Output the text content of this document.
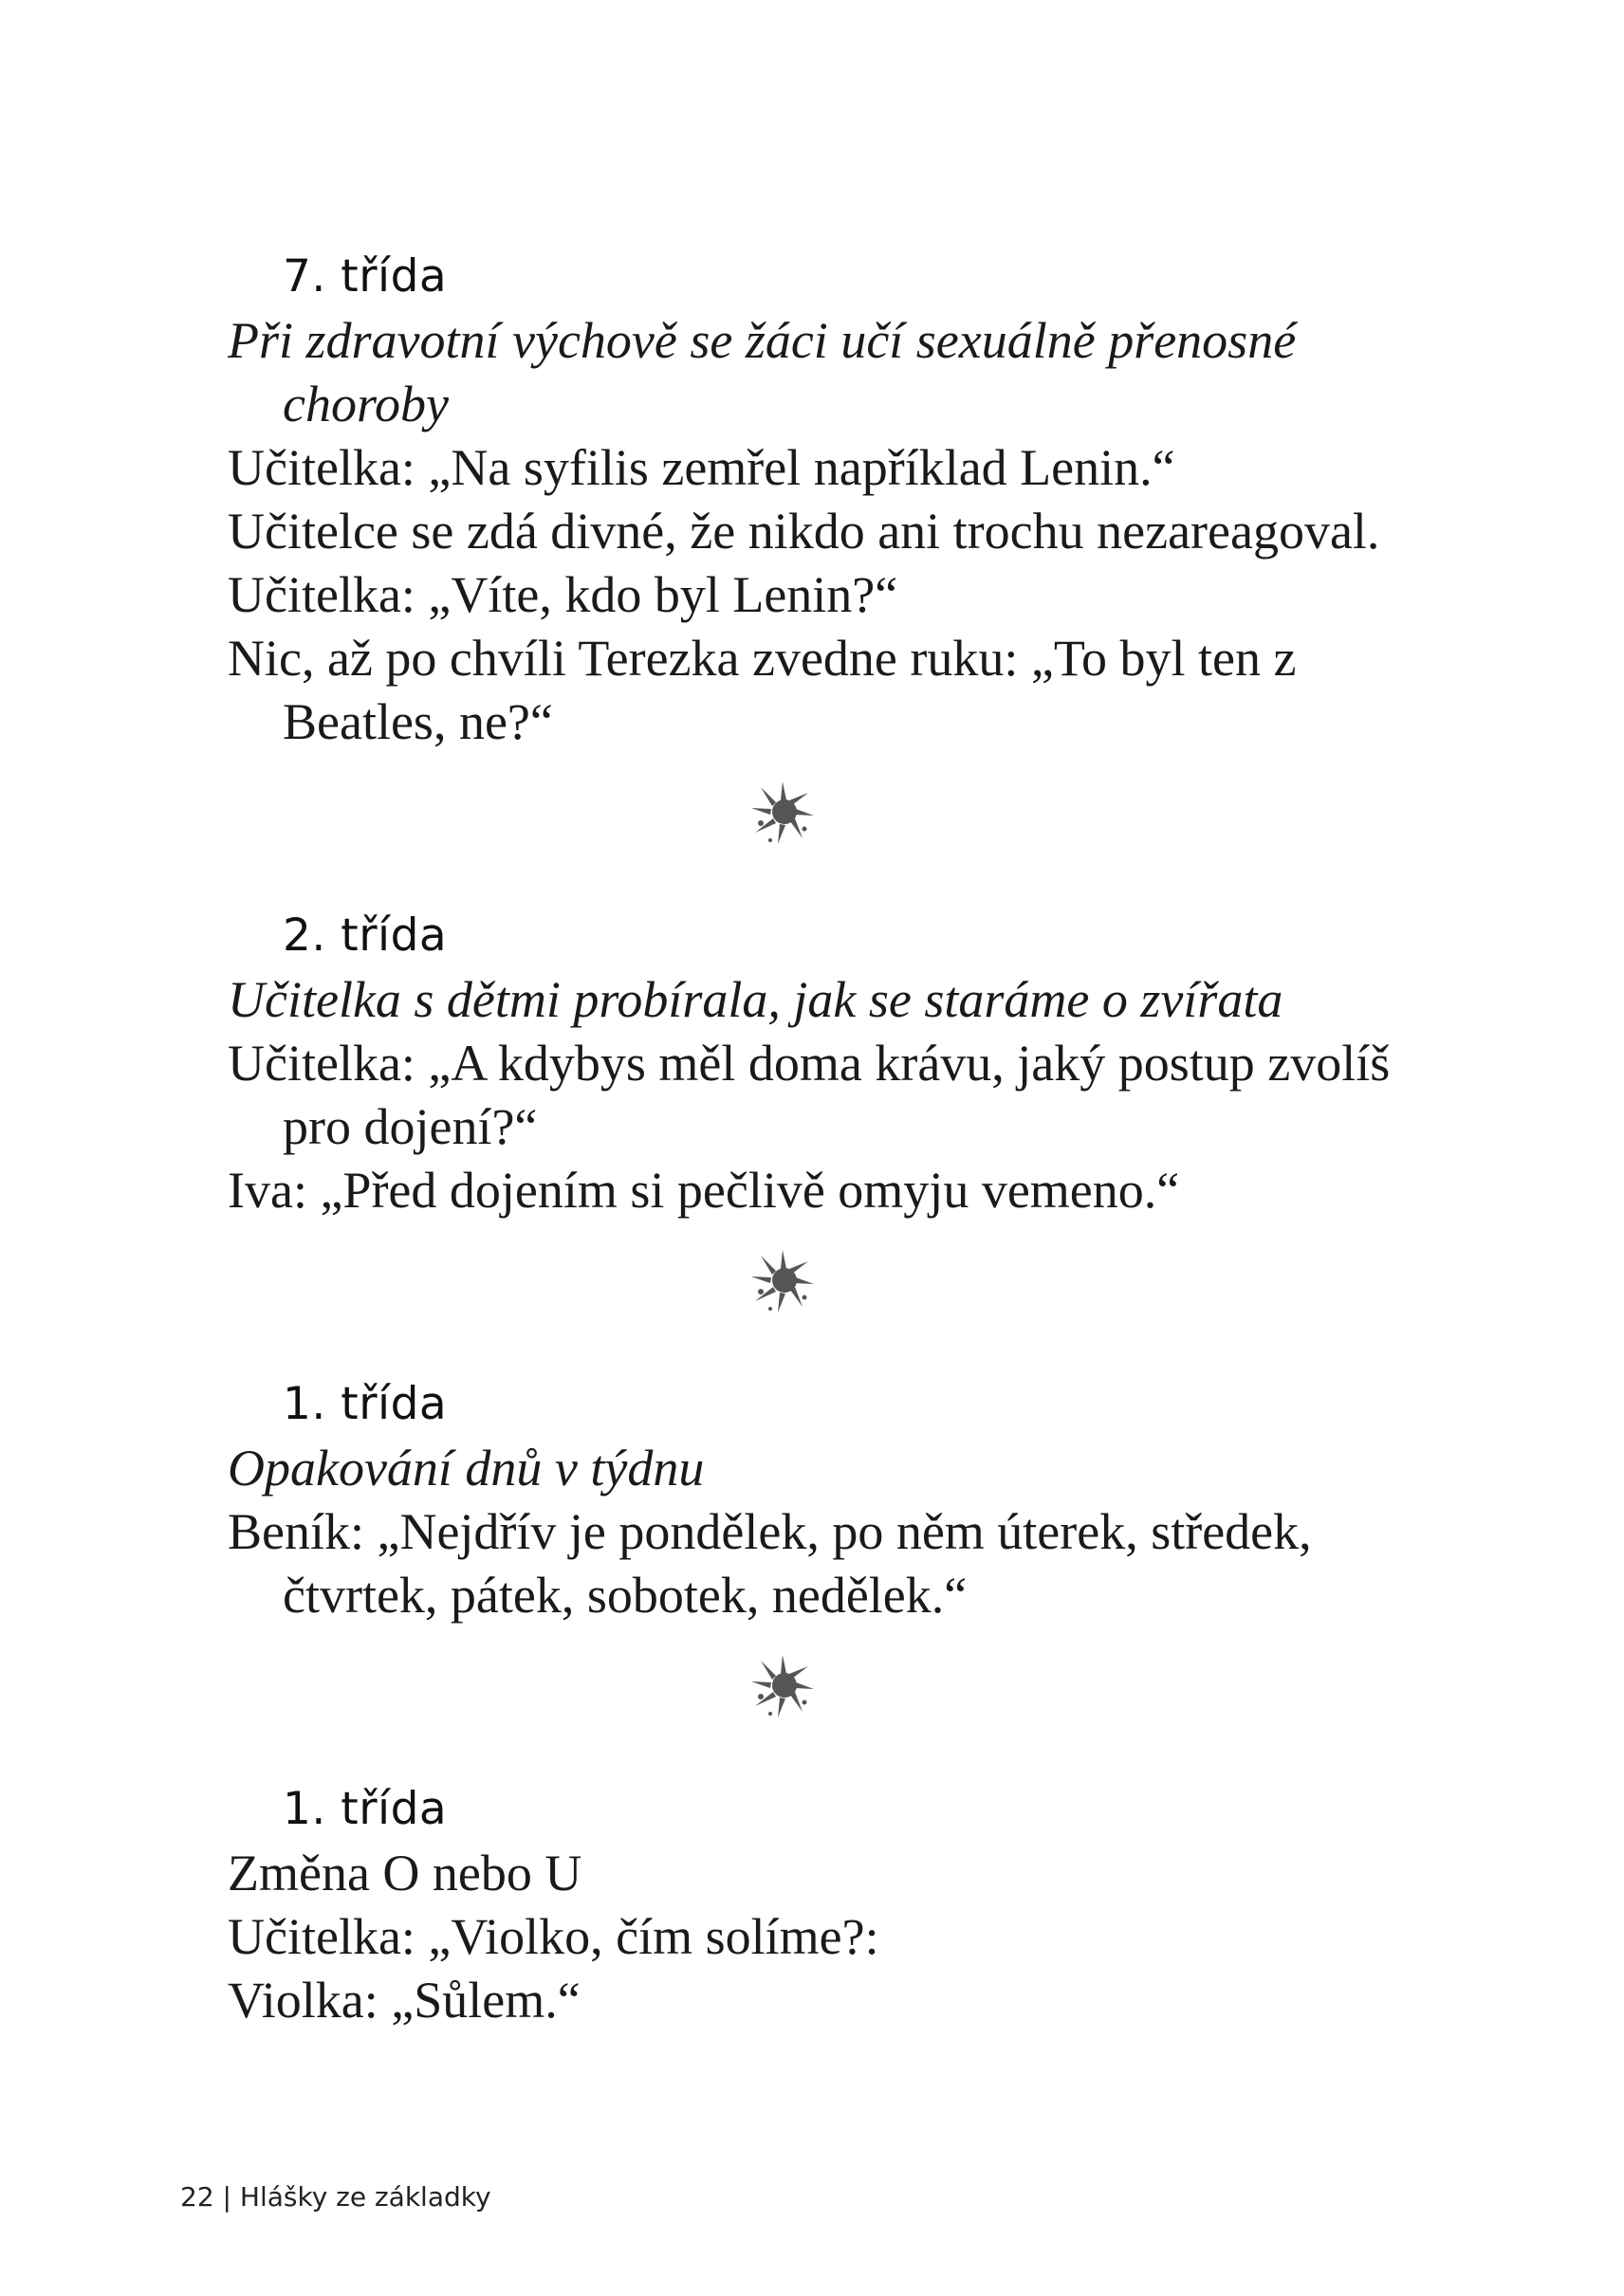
7. třída

Při zdravotní výchově se žáci učí sexuálně přenosné choroby

Učitelka: „Na syfilis zemřel například Lenin.“

Učitelce se zdá divné, že nikdo ani trochu nezareagoval.

Učitelka: „Víte, kdo byl Lenin?“

Nic, až po chvíli Terezka zvedne ruku: „To byl ten z Beatles, ne?“

2. třída

Učitelka s dětmi probírala, jak se staráme o zvířata

Učitelka: „A kdybys měl doma krávu, jaký postup zvolíš pro dojení?“

Iva: „Před dojením si pečlivě omyju vemeno.“

1. třída

Opakování dnů v týdnu

Beník: „Nejdřív je pondělek, po něm úterek, středek, čtvrtek, pátek, sobotek, nedělek.“

1. třída

Změna O nebo U

Učitelka: „Violko, čím solíme?:

Violka: „Sůlem.“

22 | Hlášky ze základky
